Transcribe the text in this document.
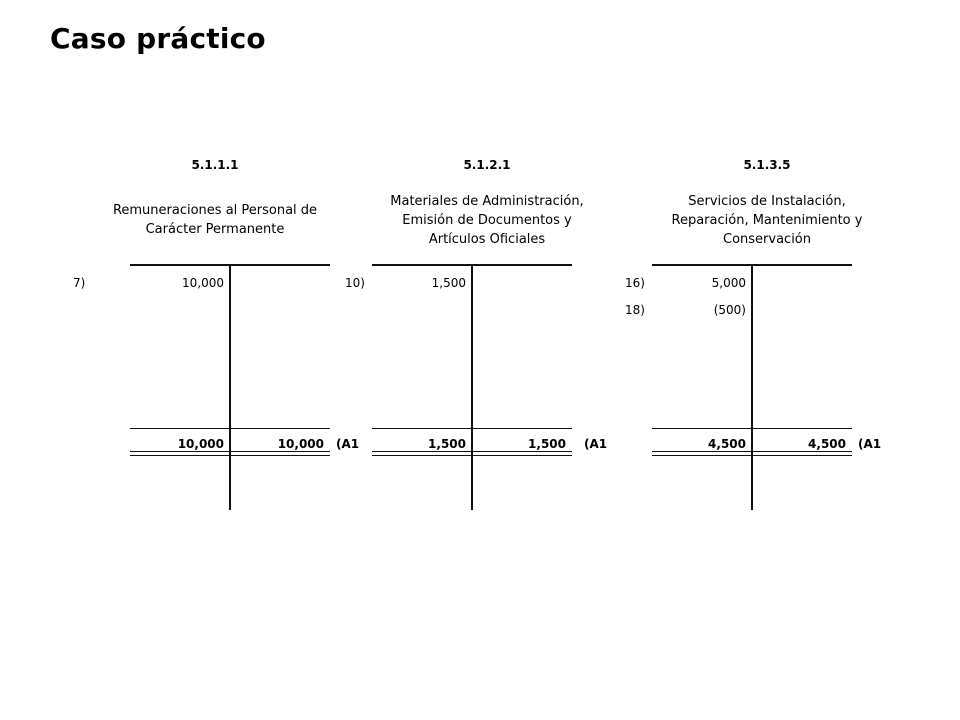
Caso práctico
5.1.1.1
Remuneraciones al Personal de Carácter Permanente
7)	10,000
10,000	10,000 (A1
5.1.2.1
Materiales de Administración, Emisión de Documentos y Artículos Oficiales
10)	1,500
1,500	1,500 (A1
5.1.3.5
Servicios de Instalación, Reparación, Mantenimiento y Conservación
16)	5,000
18)	(500)
4,500	4,500 (A1
